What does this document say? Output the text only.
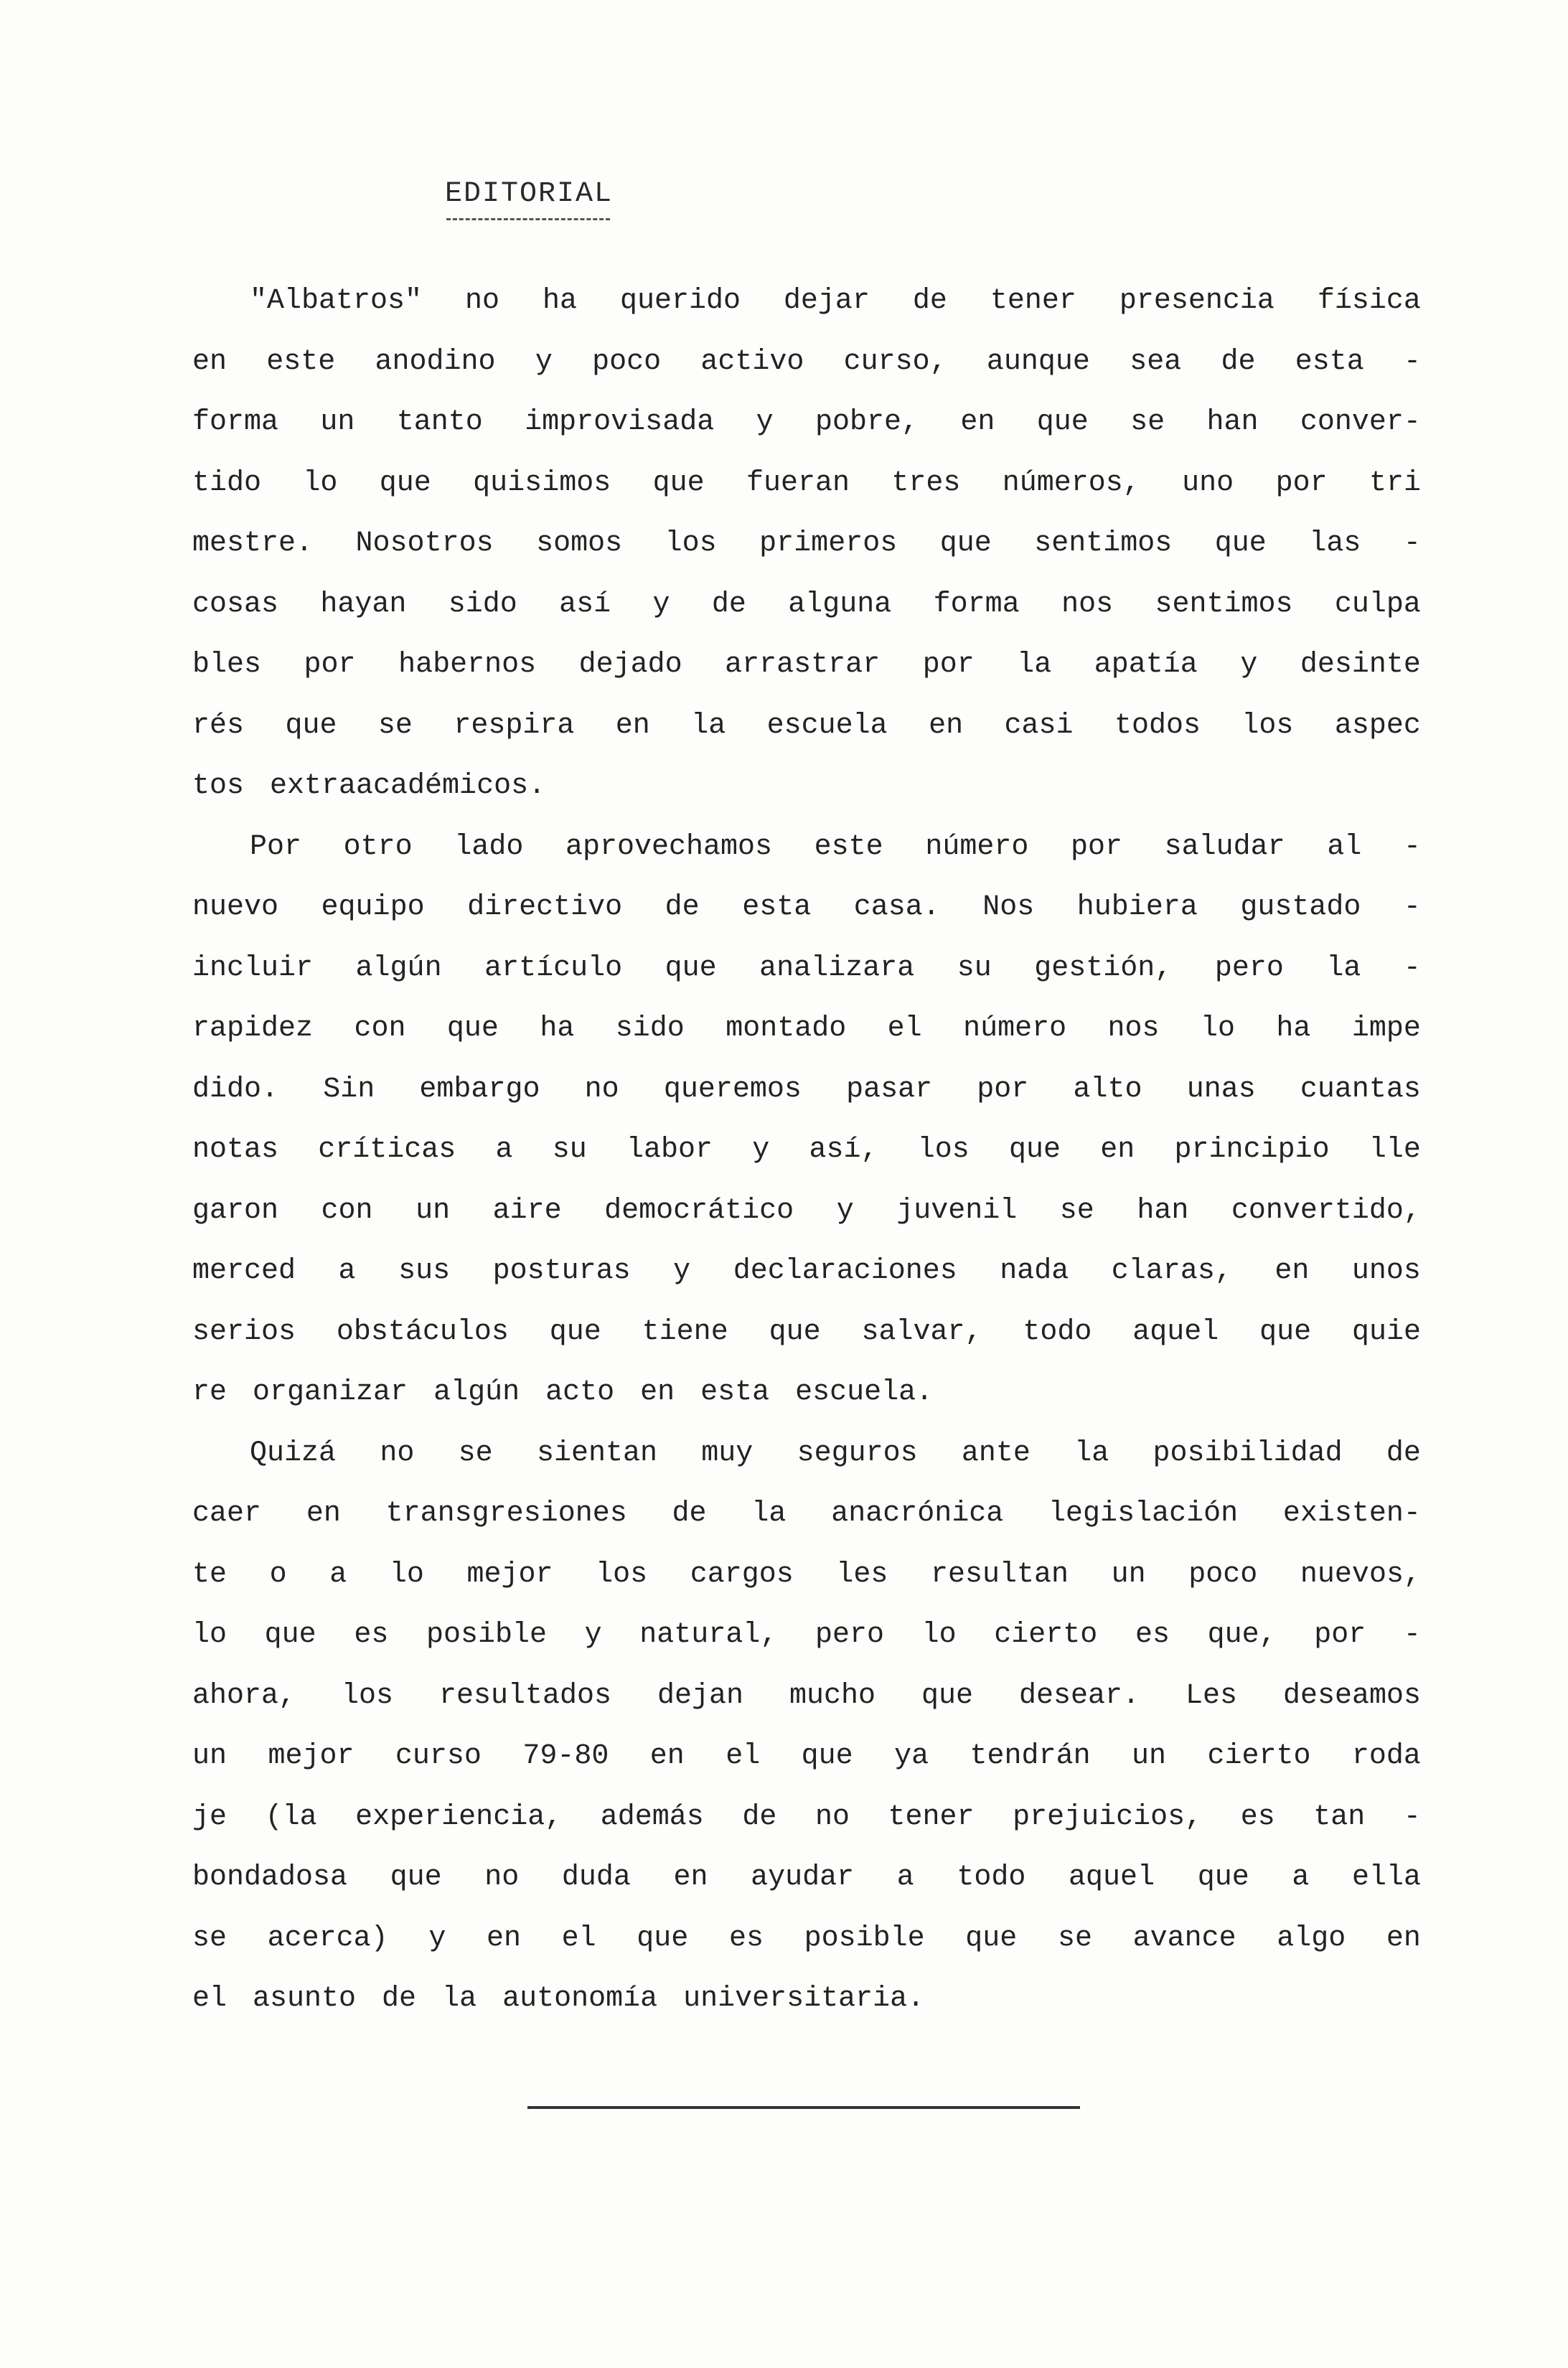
EDITORIAL
"Albatros" no ha querido dejar de tener presencia física
en este anodino y poco activo curso, aunque sea de esta -
forma un tanto improvisada y pobre, en que se han conver-
tido lo que quisimos que fueran tres números, uno por tri
mestre. Nosotros somos los primeros que sentimos que las -
cosas hayan sido así y de alguna forma nos sentimos culpa
bles por habernos dejado arrastrar por la apatía y desinte
rés que se respira en la escuela en casi todos los aspec
tos extraacadémicos.
Por otro lado aprovechamos este número por saludar al -
nuevo equipo directivo de esta casa. Nos hubiera gustado -
incluir algún artículo que analizara su gestión, pero la -
rapidez con que ha sido montado el número nos lo ha impe
dido. Sin embargo no queremos pasar por alto unas cuantas
notas críticas a su labor y así, los que en principio lle
garon con un aire democrático y juvenil se han convertido,
merced a sus posturas y declaraciones nada claras, en unos
serios obstáculos que tiene que salvar, todo aquel que quie
re organizar algún acto en esta escuela.
Quizá no se sientan muy seguros ante la posibilidad de
caer en transgresiones de la anacrónica legislación existen-
te o a lo mejor los cargos les resultan un poco nuevos,
lo que es posible y natural, pero lo cierto es que, por -
ahora, los resultados dejan mucho que desear. Les deseamos
un mejor curso 79-80 en el que ya tendrán un cierto roda
je (la experiencia, además de no tener prejuicios, es tan -
bondadosa que no duda en ayudar a todo aquel que a ella
se acerca) y en el que es posible que se avance algo en
el asunto de la autonomía universitaria.
